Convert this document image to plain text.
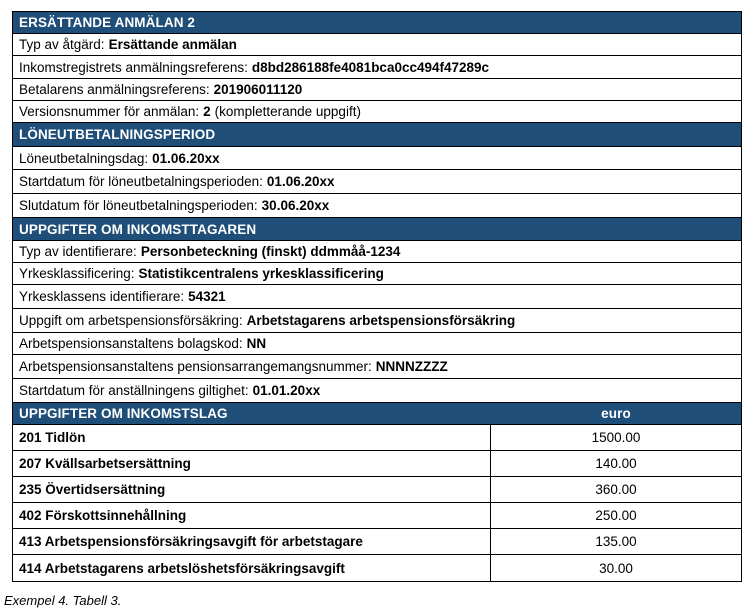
ERSÄTTANDE ANMÄLAN 2
Typ av åtgärd: Ersättande anmälan
Inkomstregistrets anmälningsreferens: d8bd286188fe4081bca0cc494f47289c
Betalarens anmälningsreferens: 201906011120
Versionsnummer för anmälan: 2 (kompletterande uppgift)
LÖNEUTBETALNINGSPERIOD
Löneutbetalningsdag: 01.06.20xx
Startdatum för löneutbetalningsperioden: 01.06.20xx
Slutdatum för löneutbetalningsperioden: 30.06.20xx
UPPGIFTER OM INKOMSTTAGAREN
Typ av identifierare: Personbeteckning (finskt) ddmmåå-1234
Yrkesklassificering: Statistikcentralens yrkesklassificering
Yrkesklassens identifierare: 54321
Uppgift om arbetspensionsförsäkring: Arbetstagarens arbetspensionsförsäkring
Arbetspensionsanstaltens bolagskod: NN
Arbetspensionsanstaltens pensionsarrangemangsnummer: NNNNZZZZ
Startdatum för anställningens giltighet: 01.01.20xx
UPPGIFTER OM INKOMSTSLAG	euro
201 Tidlön	1500.00
207 Kvällsarbetsersättning	140.00
235 Övertidsersättning	360.00
402 Förskottsinnehållning	250.00
413 Arbetspensionsförsäkringsavgift för arbetstagare	135.00
414 Arbetstagarens arbetslöshetsförsäkringsavgift	30.00
Exempel 4. Tabell 3.
